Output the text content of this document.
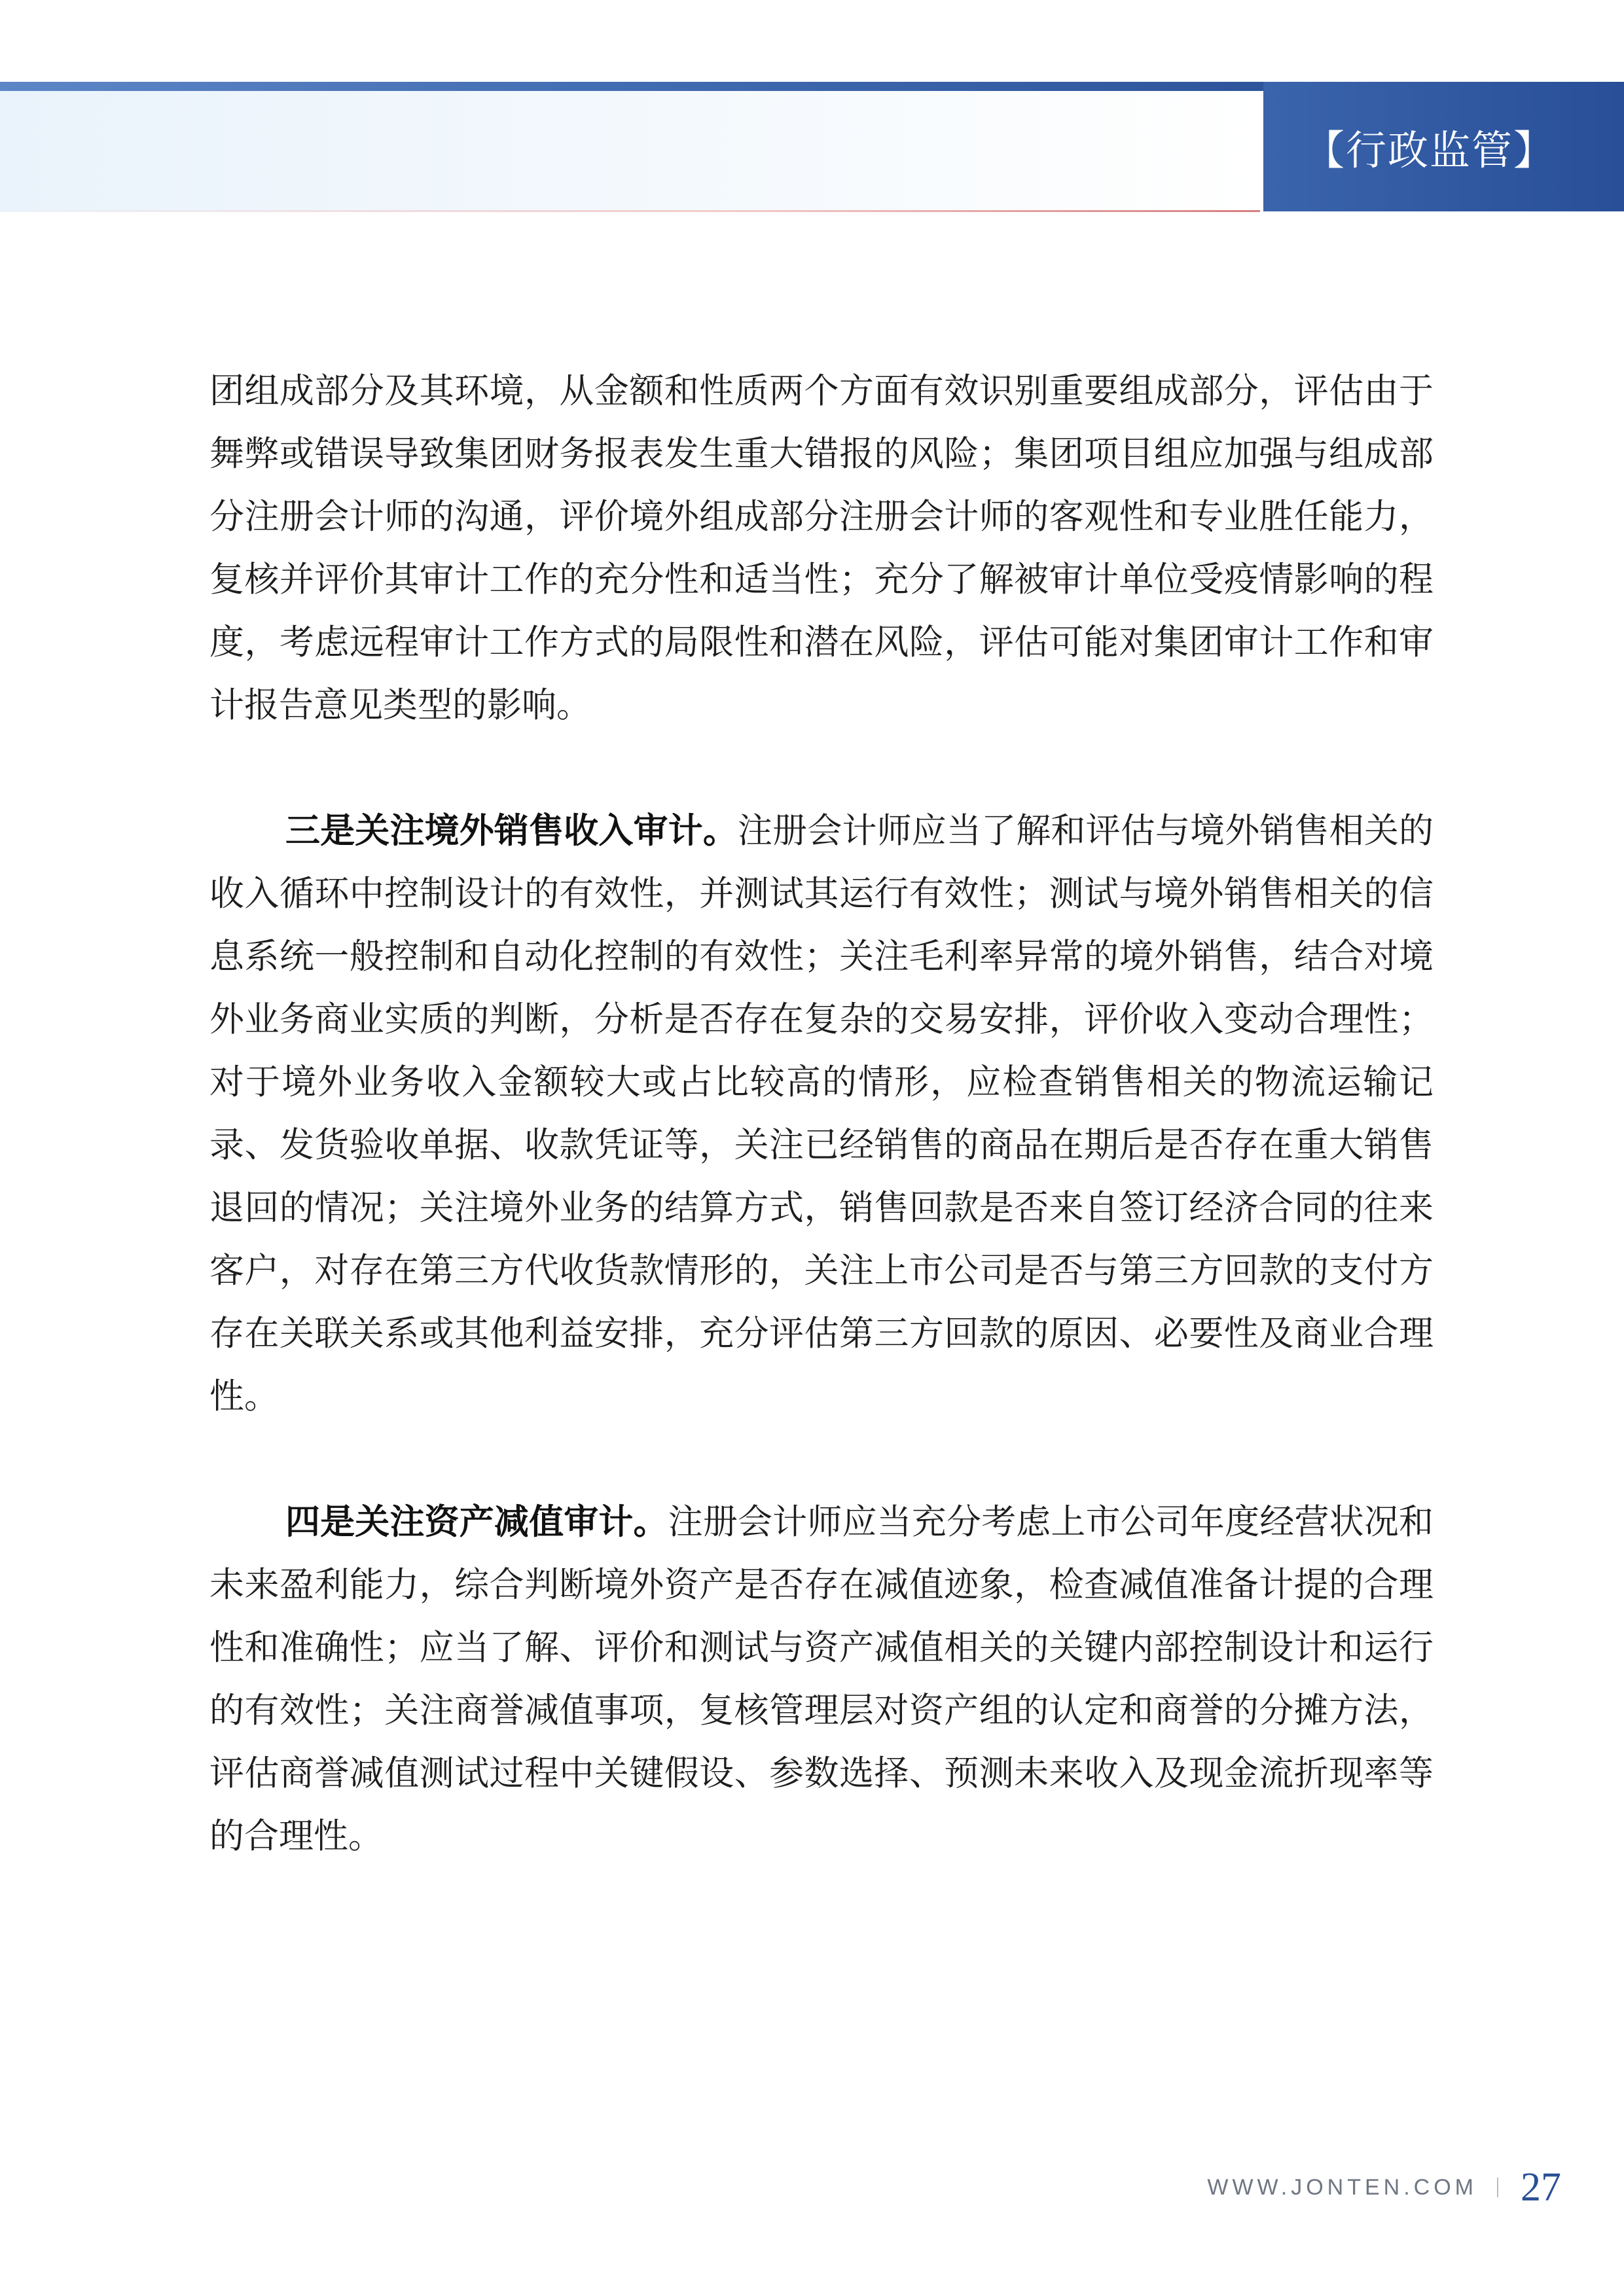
【行政监管】

团组成部分及其环境，从金额和性质两个方面有效识别重要组成部分，评估由于舞弊或错误导致集团财务报表发生重大错报的风险；集团项目组应加强与组成部分注册会计师的沟通，评价境外组成部分注册会计师的客观性和专业胜任能力，复核并评价其审计工作的充分性和适当性；充分了解被审计单位受疫情影响的程度，考虑远程审计工作方式的局限性和潜在风险，评估可能对集团审计工作和审计报告意见类型的影响。

三是关注境外销售收入审计。注册会计师应当了解和评估与境外销售相关的收入循环中控制设计的有效性，并测试其运行有效性；测试与境外销售相关的信息系统一般控制和自动化控制的有效性；关注毛利率异常的境外销售，结合对境外业务商业实质的判断，分析是否存在复杂的交易安排，评价收入变动合理性；对于境外业务收入金额较大或占比较高的情形，应检查销售相关的物流运输记录、发货验收单据、收款凭证等，关注已经销售的商品在期后是否存在重大销售退回的情况；关注境外业务的结算方式，销售回款是否来自签订经济合同的往来客户，对存在第三方代收货款情形的，关注上市公司是否与第三方回款的支付方存在关联关系或其他利益安排，充分评估第三方回款的原因、必要性及商业合理性。

四是关注资产减值审计。注册会计师应当充分考虑上市公司年度经营状况和未来盈利能力，综合判断境外资产是否存在减值迹象，检查减值准备计提的合理性和准确性；应当了解、评价和测试与资产减值相关的关键内部控制设计和运行的有效性；关注商誉减值事项，复核管理层对资产组的认定和商誉的分摊方法，评估商誉减值测试过程中关键假设、参数选择、预测未来收入及现金流折现率等的合理性。

WWW.JONTEN.COM 27
